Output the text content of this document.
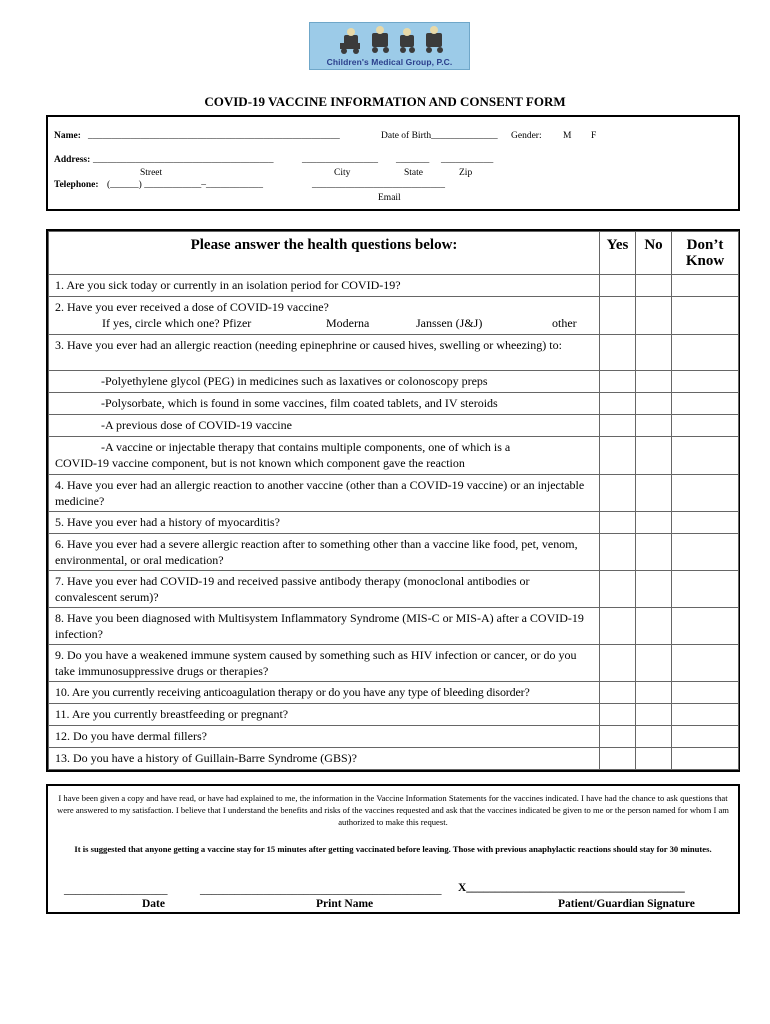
Children's Medical Group, P.C.
COVID-19 VACCINE INFORMATION AND CONSENT FORM
Name: _____________________________________________________	Date of Birth______________ Gender: M F
Address: ______________________________________	________________ _______ ___________
Street	City	State	Zip
Telephone: (______) ____________–____________	____________________________
Email
Please answer the health questions below:	Yes	No	Don’t
Know

1. Are you sick today or currently in an isolation period for COVID-19?			

2. Have you ever received a dose of COVID-19 vaccine?
If yes, circle which one? Pfizer Moderna Janssen (J&J) other			

3. Have you ever had an allergic reaction (needing epinephrine or caused hives, swelling or wheezing) to:			
-Polyethylene glycol (PEG) in medicines such as laxatives or colonoscopy preps			
-Polysorbate, which is found in some vaccines, film coated tablets, and IV steroids			
-A previous dose of COVID-19 vaccine			

-A vaccine or injectable therapy that contains multiple components, one of which is a
COVID-19 vaccine component, but is not known which component gave the reaction			

4. Have you ever had an allergic reaction to another vaccine (other than a COVID-19 vaccine) or an injectable medicine?			
5. Have you ever had a history of myocarditis?			
6. Have you ever had a severe allergic reaction after to something other than a vaccine like food, pet, venom, environmental, or oral medication?			
7. Have you ever had COVID-19 and received passive antibody therapy (monoclonal antibodies or convalescent serum)?			
8. Have you been diagnosed with Multisystem Inflammatory Syndrome (MIS-C or MIS-A) after a COVID-19 infection?			
9. Do you have a weakened immune system caused by something such as HIV infection or cancer, or do you take immunosuppressive drugs or therapies?			
10. Are you currently receiving anticoagulation therapy or do you have any type of bleeding disorder?			
11. Are you currently breastfeeding or pregnant?			
12. Do you have dermal fillers?			
13. Do you have a history of Guillain-Barre Syndrome (GBS)?			

I have been given a copy and have read, or have had explained to me, the information in the Vaccine Information Statements for the vaccines indicated. I have had the chance to ask questions that were answered to my satisfaction. I believe that I understand the benefits and risks of the vaccines requested and ask that the vaccines indicated be given to me or the person named for whom I am authorized to make this request.

It is suggested that anyone getting a vaccine stay for 15 minutes after getting vaccinated before leaving. Those with previous anaphylactic reactions should stay for 30 minutes.

__________________
Date
__________________________________________
Print Name
X______________________________________
Patient/Guardian Signature
